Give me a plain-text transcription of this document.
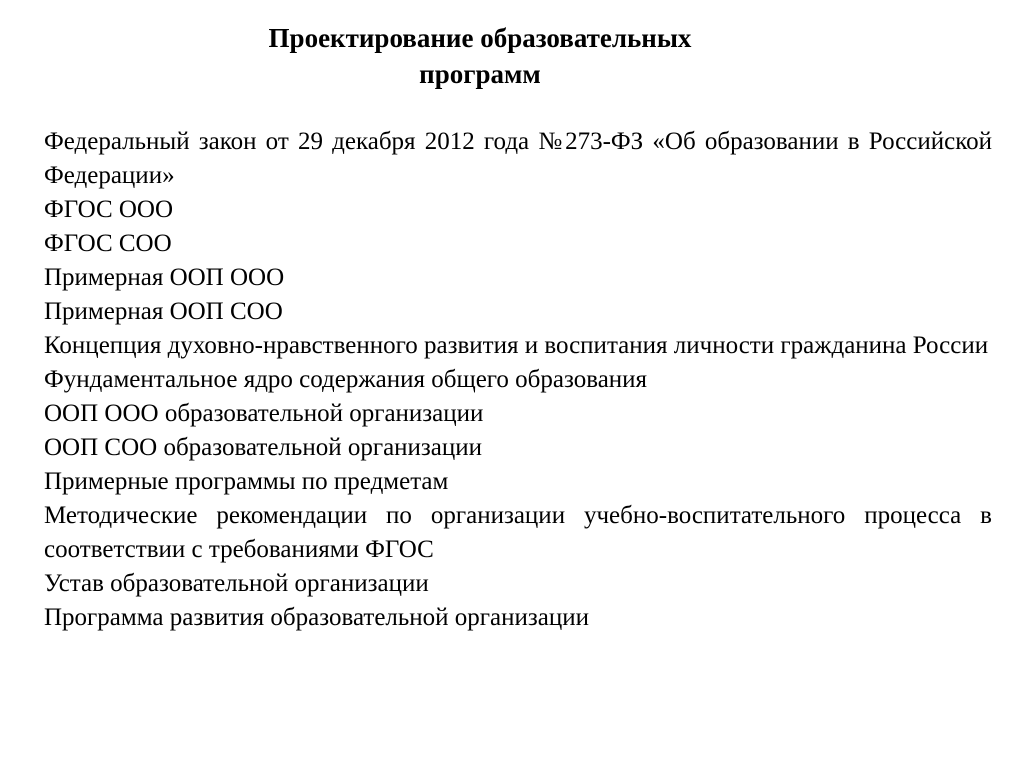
Проектирование образовательных
программ
Федеральный закон от 29 декабря 2012 года №273-ФЗ «Об образовании в Российской Федерации»
ФГОС ООО
ФГОС СОО
Примерная ООП ООО
Примерная ООП СОО
Концепция духовно-нравственного развития и воспитания личности гражданина России
Фундаментальное ядро содержания общего образования
ООП ООО образовательной организации
ООП СОО образовательной организации
Примерные программы по предметам
Методические рекомендации по организации учебно-воспитательного процесса в соответствии с требованиями ФГОС
Устав образовательной организации
Программа развития образовательной организации
